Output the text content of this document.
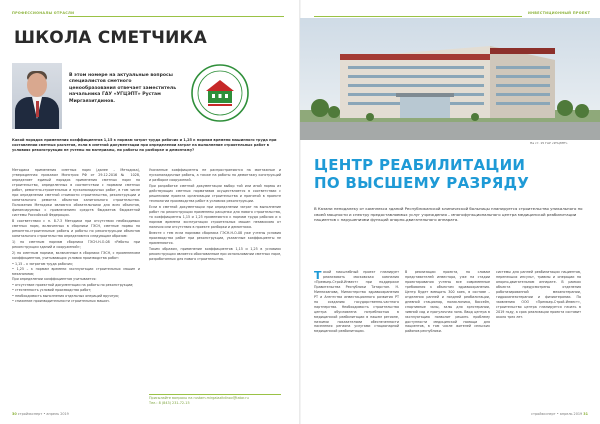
ПРОФЕССИОНАЛЫ ОТРАСЛИ
ШКОЛА СМЕТЧИКА
В этом номере на актуальные вопросы специалистов сметного ценообразования отвечает заместитель начальника ГАУ «УГЦЭПТ» Рустам Миргаязитдинов.
Какой порядок применения коэффициентов 1,15 к нормам затрат труда рабочих и 1,25 к нормам времени машинного труда при составлении сметных расчетов, если в сметной документации при определении затрат на выполнение строительных работ в условиях реконструкции не учтены ни материалы, ни работы по разборке и демонтажу?

Методика применения сметных норм (далее – Методика), утвержденная приказом Минстроя РФ от 29.12.2016 № 1028, определяет единый порядок применения сметных норм на строительство, определенных в соответствии с нормами сметных работ, ремонтно-строительных и пусконаладочных работ, в том числе при определении сметной стоимости строительства, реконструкции и капитального ремонта объектов капитального строительства. Положения Методики являются обязательными для всех объектов, финансируемых с привлечением средств бюджетов бюджетной системы Российской Федерации.

В соответствии с п. 8.7.3 Методики при отсутствии необходимых сметных норм, включенных в сборники ГЭСН, сметные нормы на ремонтно-строительные работы и работы по реконструкции объектов капитального строительства определяются следующим образом:

1) по сметным нормам сборника ГЭСН-Н-О-08 «Работы при реконструкции зданий и сооружений»;

2) по сметным нормам, включенным в сборники ГЭСН, с применением коэффициентов, учитывающих условия производства работ:

• 1,15 – к затратам труда рабочих;
• 1,25 – к нормам времени эксплуатации строительных машин и механизмов;

При определении коэффициентов учитывается:

• отсутствие проектной документации на работы по реконструкции;
• стесненность условий производства работ;
• необходимость выполнения отдельных операций вручную;
• снижение производительности строительных машин.

Указанные коэффициенты не распространяются на монтажные и пусконаладочные работы, а также на работы по демонтажу конструкций и разборке сооружений.

При разработке сметной документации выбор той или иной нормы из действующих сметных нормативов осуществляется в соответствии с решениями проекта организации строительства и принятой в проекте технологии производства работ в условиях реконструкции.

Если в сметной документации при определении затрат на выполнение работ по реконструкции применены расценки для нового строительства, то коэффициенты 1,15 и 1,25 применяются к нормам труда рабочих и к нормам времени эксплуатации строительных машин независимо от наличия или отсутствия в проекте разборки и демонтажа.

Вместе с тем если нормами сборника ГЭСН-Н-О-08 уже учтены условия производства работ при реконструкции, указанные коэффициенты не применяются.

Таким образом, применение коэффициентов 1,15 и 1,25 в условиях реконструкции является обоснованным при использовании сметных норм, разработанных для нового строительства.

Присылайте вопросы на rustam.mirgaiazitdinov@tatar.ru
Тел.: 8 (843) 231-72-15
30 стройэксперт • апрель 2019
ИНВЕСТИЦИОННЫЙ ПРОЕКТ
На ст. 15 ГАУ «УГЦЭПТ»
ЦЕНТР РЕАБИЛИТАЦИИ
ПО ВЫСШЕМУ РАЗРЯДУ
В Казани неподалеку от комплекса зданий Республиканской клинической больницы планируется строительство уникального по своей мощности и спектру предоставляемых услуг учреждения – многофункционального центра медицинской реабилитации пациентов с нарушениями функций опорно-двигательного аппарата.
Т акой масштабный проект планирует реализовать московская компания «Премьер-Строй-Инвест» при поддержке Правительства Республики Татарстан. Н. Минниханова, Министерство здравоохранения РТ и Агентства инвестиционного развития РТ по созданию государственно-частного партнерства. Необходимость строительства центра обусловлена потребностью в медицинской реабилитации в нашем регионе, низкими показателями обеспеченности населения региона услугами стационарной медицинской реабилитации.
В реализации проекта, по словам представителей инвестора, уже на стадии проектирования учтены все современные требования к объектам здравоохранения. Центр будет вмещать 300 коек, в составе – отделения ранней и поздней реабилитации, дневной стационар, поликлиника, бассейн, спортивные залы, залы для эрготерапии, зимний сад и прогулочная зона. Ввод центра в эксплуатацию позволит решить проблему доступности медицинской помощи для пациентов, в том числе жителей сельских районов республики.
системы для ранней реабилитации пациентов, перенесших инсульт, травмы и операции на опорно-двигательном аппарате. В рамках объекта предусмотрены отделения роботизированной механотерапии, гидрокинезотерапии и физиотерапии. По заявлению ООО «Премьер-Строй-Инвест», строительство центра планируется начать в 2019 году, а срок реализации проекта составит около трех лет.
стройэксперт • апрель 2019 31
